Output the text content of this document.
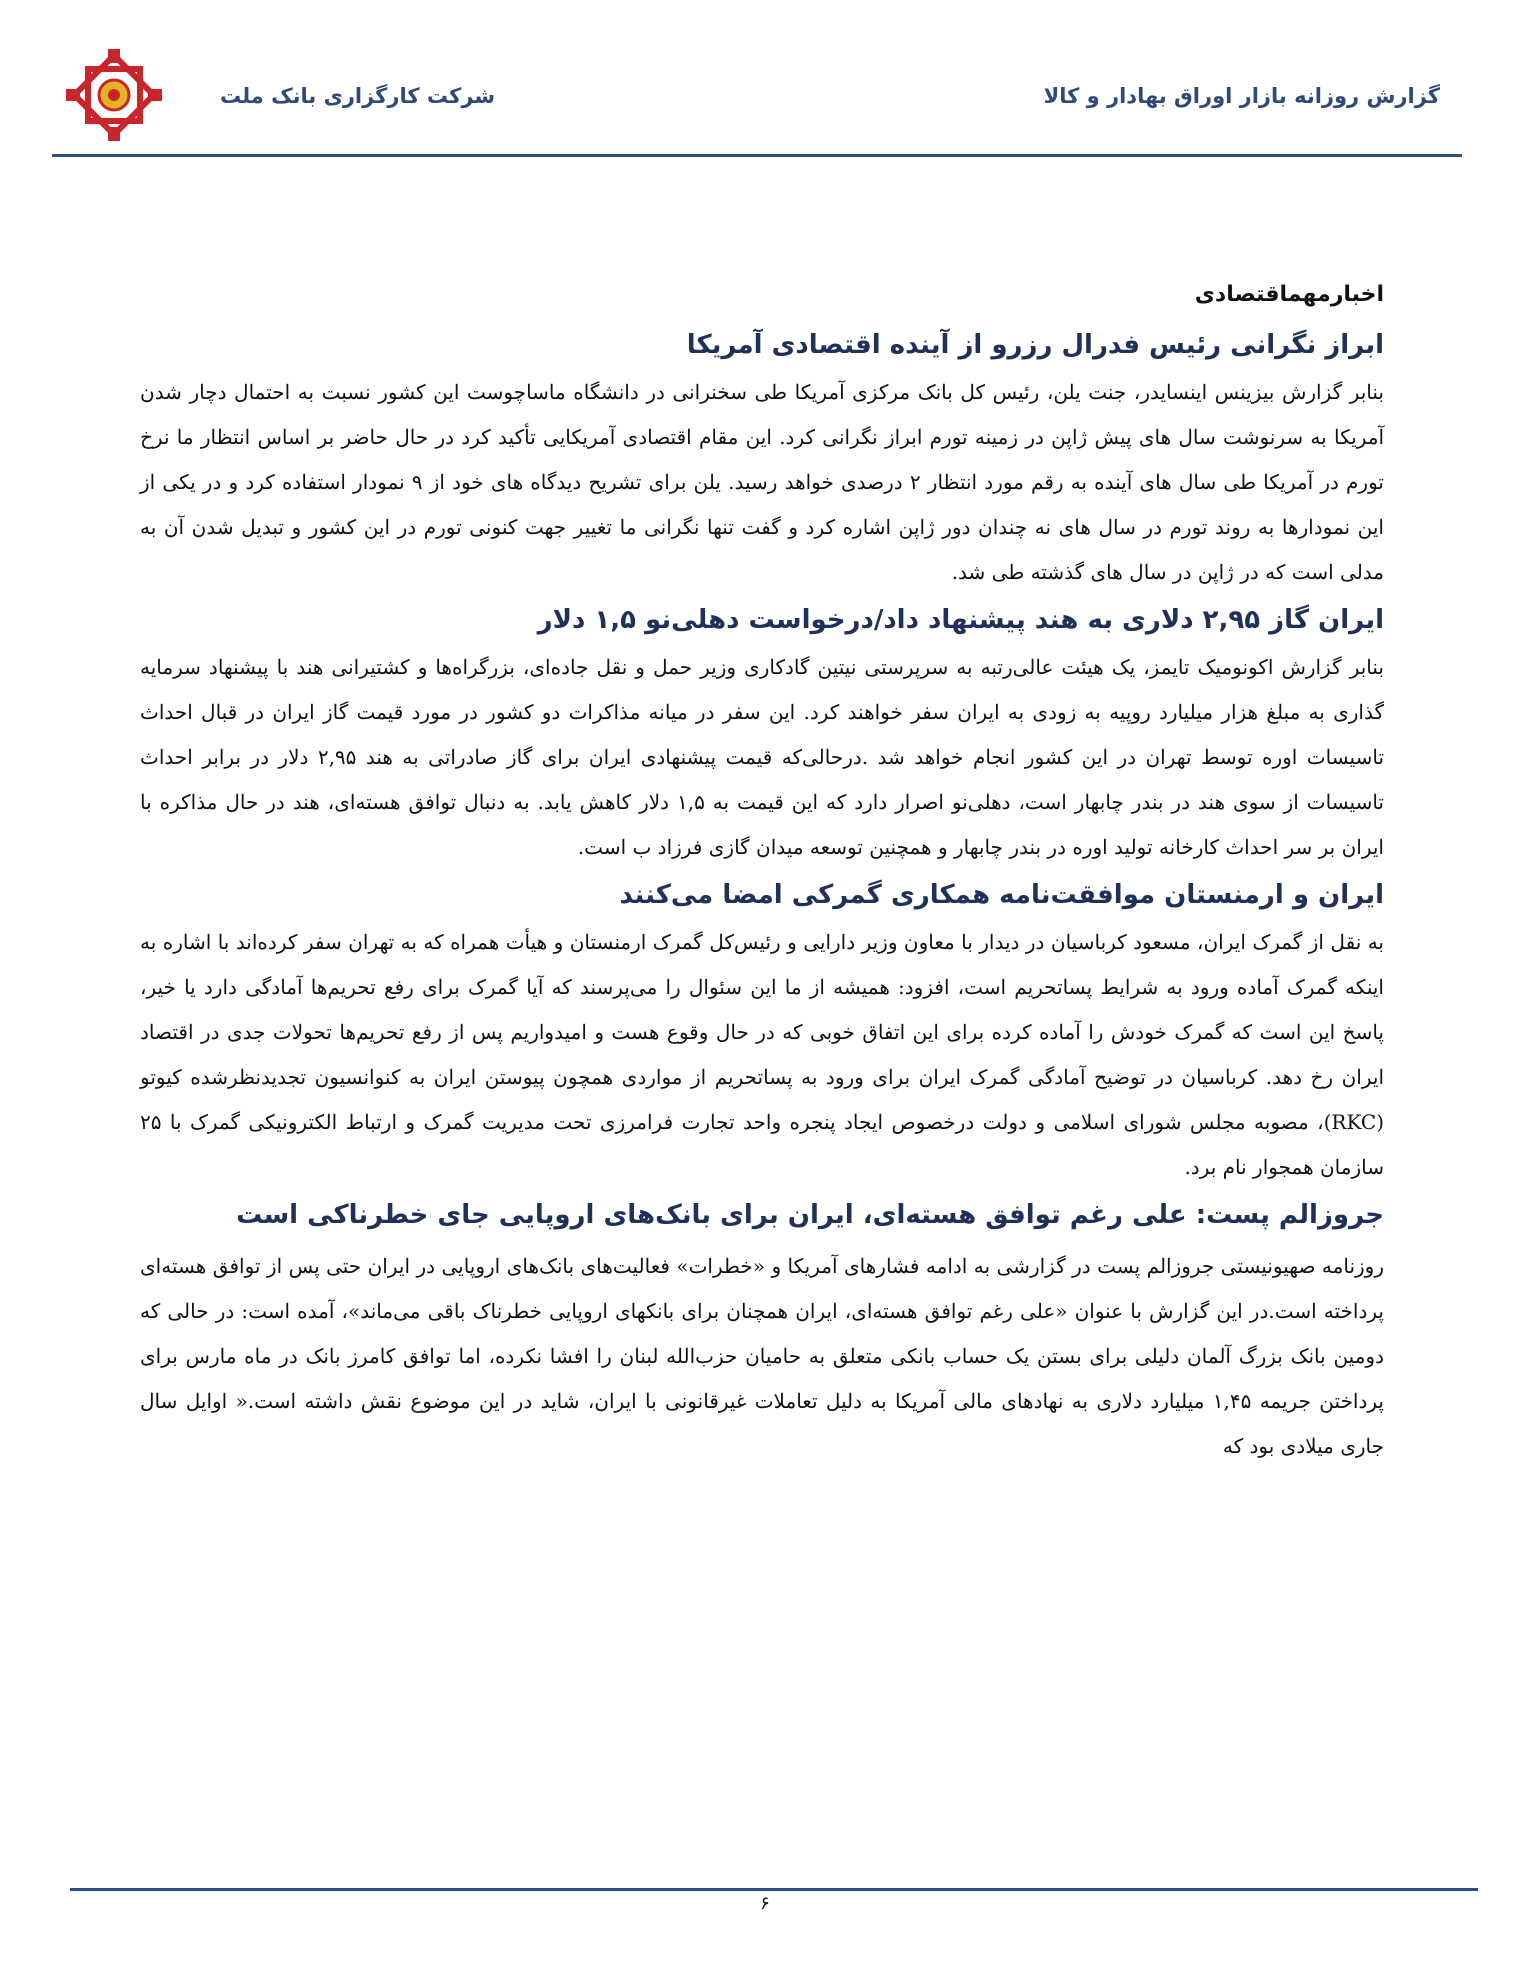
شرکت کارگزاری بانک ملت	گزارش روزانه بازار اوراق بهادار و کالا

اخبارمهماقتصادی

ابراز نگرانی رئیس فدرال رزرو از آینده اقتصادی آمریکا

بنابر گزارش بیزینس اینسایدر، جنت یلن، رئیس کل بانک مرکزی آمریکا طی سخنرانی در دانشگاه ماساچوست این کشور نسبت به احتمال دچار شدن آمریکا به سرنوشت سال های پیش ژاپن در زمینه تورم ابراز نگرانی کرد. این مقام اقتصادی آمریکایی تأکید کرد در حال حاضر بر اساس انتظار ما نرخ تورم در آمریکا طی سال های آینده به رقم مورد انتظار ۲ درصدی خواهد رسید. یلن برای تشریح دیدگاه های خود از ۹ نمودار استفاده کرد و در یکی از این نمودارها به روند تورم در سال های نه چندان دور ژاپن اشاره کرد و گفت تنها نگرانی ما تغییر جهت کنونی تورم در این کشور و تبدیل شدن آن به مدلی است که در ژاپن در سال های گذشته طی شد.

ایران گاز ۲,۹۵ دلاری به هند پیشنهاد داد/درخواست دهلی‌نو ۱,۵ دلار

بنابر گزارش اکونومیک تایمز، یک هیئت عالی‌رتبه به سرپرستی نیتین گادکاری وزیر حمل و نقل جاده‌ای، بزرگراه‌ها و کشتیرانی هند با پیشنهاد سرمایه گذاری به مبلغ هزار میلیارد روپیه به زودی به ایران سفر خواهند کرد. این سفر در میانه مذاکرات دو کشور در مورد قیمت گاز ایران در قبال احداث تاسیسات اوره توسط تهران در این کشور انجام خواهد شد .درحالی‌که قیمت پیشنهادی ایران برای گاز صادراتی به هند ۲,۹۵ دلار در برابر احداث تاسیسات از سوی هند در بندر چابهار است، دهلی‌نو اصرار دارد که این قیمت به ۱,۵ دلار کاهش یابد. به دنبال توافق هسته‌ای، هند در حال مذاکره با ایران بر سر احداث کارخانه تولید اوره در بندر چابهار و همچنین توسعه میدان گازی فرزاد ب است.

ایران و ارمنستان موافقت‌نامه همکاری گمرکی امضا می‌کنند

به نقل از گمرک ایران، مسعود کرباسیان در دیدار با معاون وزیر دارایی و رئیس‌کل گمرک ارمنستان و هیأت همراه که به تهران سفر کرده‌اند با اشاره به اینکه گمرک آماده ورود به شرایط پساتحریم است، افزود: همیشه از ما این سئوال را می‌پرسند که آیا گمرک برای رفع تحریم‌ها آمادگی دارد یا خیر، پاسخ این است که گمرک خودش را آماده کرده برای این اتفاق خوبی که در حال وقوع هست و امیدواریم پس از رفع تحریم‌ها تحولات جدی در اقتصاد ایران رخ دهد. کرباسیان در توضیح آمادگی گمرک ایران برای ورود به پساتحریم از مواردی همچون پیوستن ایران به کنوانسیون تجدیدنظرشده کیوتو (RKC)، مصوبه مجلس شورای اسلامی و دولت درخصوص ایجاد پنجره واحد تجارت فرامرزی تحت مدیریت گمرک و ارتباط الکترونیکی گمرک با ۲۵ سازمان همجوار نام برد.

جروزالم پست: علی رغم توافق هسته‌ای، ایران برای بانک‌های اروپایی جای خطرناکی است

روزنامه صهیونیستی جروزالم پست در گزارشی به ادامه فشارهای آمریکا و «خطرات» فعالیت‌های بانک‌های اروپایی در ایران حتی پس از توافق هسته‌ای پرداخته است.در این گزارش با عنوان «علی رغم توافق هسته‌ای، ایران همچنان برای بانکهای اروپایی خطرناک باقی می‌ماند»، آمده است: در حالی که دومین بانک بزرگ آلمان دلیلی برای بستن یک حساب بانکی متعلق به حامیان حزب‌الله لبنان را افشا نکرده، اما توافق کامرز بانک در ماه مارس برای پرداختن جریمه ۱,۴۵ میلیارد دلاری به نهادهای مالی آمریکا به دلیل تعاملات غیرقانونی با ایران، شاید در این موضوع نقش داشته است.« اوایل سال جاری میلادی بود که

۶
